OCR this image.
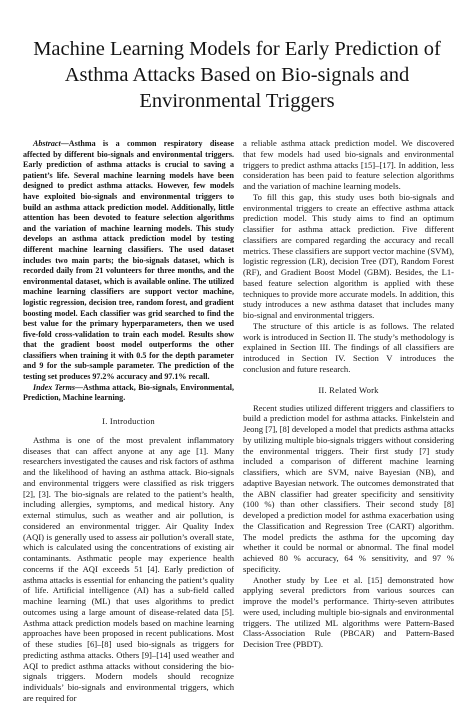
Machine Learning Models for Early Prediction of
Asthma Attacks Based on Bio-signals and
Environmental Triggers

Abstract—Asthma is a common respiratory disease affected by different bio-signals and environmental triggers. Early prediction of asthma attacks is crucial to saving a patient’s life. Several machine learning models have been designed to predict asthma attacks. However, few models have exploited bio-signals and environmental triggers to build an asthma attack prediction model. Additionally, little attention has been devoted to feature selection algorithms and the variation of machine learning models. This study develops an asthma attack prediction model by testing different machine learning classifiers. The used dataset includes two main parts; the bio-signals dataset, which is recorded daily from 21 volunteers for three months, and the environmental dataset, which is available online. The utilized machine learning classifiers are support vector machine, logistic regression, decision tree, random forest, and gradient boosting model. Each classifier was grid searched to find the best value for the primary hyperparameters, then we used five-fold cross-validation to train each model. Results show that the gradient boost model outperforms the other classifiers when training it with 0.5 for the depth parameter and 9 for the sub-sample parameter. The prediction of the testing set produces 97.2% accuracy and 97.1% recall.

Index Terms—Asthma attack, Bio-signals, Environmental, Prediction, Machine learning.

I. Introduction

Asthma is one of the most prevalent inflammatory diseases that can affect anyone at any age [1]. Many researchers investigated the causes and risk factors of asthma and the likelihood of having an asthma attack. Bio-signals and environmental triggers were classified as risk triggers [2], [3]. The bio-signals are related to the patient’s health, including allergies, symptoms, and medical history. Any external stimulus, such as weather and air pollution, is considered an environmental trigger. Air Quality Index (AQI) is generally used to assess air pollution’s overall state, which is calculated using the concentrations of existing air contaminants. Asthmatic people may experience health concerns if the AQI exceeds 51 [4]. Early prediction of asthma attacks is essential for enhancing the patient’s quality of life. Artificial intelligence (AI) has a sub-field called machine learning (ML) that uses algorithms to predict outcomes using a large amount of disease-related data [5]. Asthma attack prediction models based on machine learning approaches have been proposed in recent publications. Most of these studies [6]–[8] used bio-signals as triggers for predicting asthma attacks. Others [9]–[14] used weather and AQI to predict asthma attacks without considering the bio-signals triggers. Modern models should recognize individuals’ bio-signals and environmental triggers, which are required for

a reliable asthma attack prediction model. We discovered that few models had used bio-signals and environmental triggers to predict asthma attacks [15]–[17]. In addition, less consideration has been paid to feature selection algorithms and the variation of machine learning models.

To fill this gap, this study uses both bio-signals and environmental triggers to create an effective asthma attack prediction model. This study aims to find an optimum classifier for asthma attack prediction. Five different classifiers are compared regarding the accuracy and recall metrics. These classifiers are support vector machine (SVM), logistic regression (LR), decision Tree (DT), Random Forest (RF), and Gradient Boost Model (GBM). Besides, the L1-based feature selection algorithm is applied with these techniques to provide more accurate models. In addition, this study introduces a new asthma dataset that includes many bio-signal and environmental triggers.

The structure of this article is as follows. The related work is introduced in Section II. The study’s methodology is explained in Section III. The findings of all classifiers are introduced in Section IV. Section V introduces the conclusion and future research.

II. Related Work

Recent studies utilized different triggers and classifiers to build a prediction model for asthma attacks. Finkelstein and Jeong [7], [8] developed a model that predicts asthma attacks by utilizing multiple bio-signals triggers without considering the environmental triggers. Their first study [7] study included a comparison of different machine learning classifiers, which are SVM, naive Bayesian (NB), and adaptive Bayesian network. The outcomes demonstrated that the ABN classifier had greater specificity and sensitivity (100 %) than other classifiers. Their second study [8] developed a prediction model for asthma exacerbation using the Classification and Regression Tree (CART) algorithm. The model predicts the asthma for the upcoming day whether it could be normal or abnormal. The final model achieved 80 % accuracy, 64 % sensitivity, and 97 % specificity.

Another study by Lee et al. [15] demonstrated how applying several predictors from various sources can improve the model’s performance. Thirty-seven attributes were used, including multiple bio-signals and environmental triggers. The utilized ML algorithms were Pattern-Based Class-Association Rule (PBCAR) and Pattern-Based Decision Tree (PBDT).
